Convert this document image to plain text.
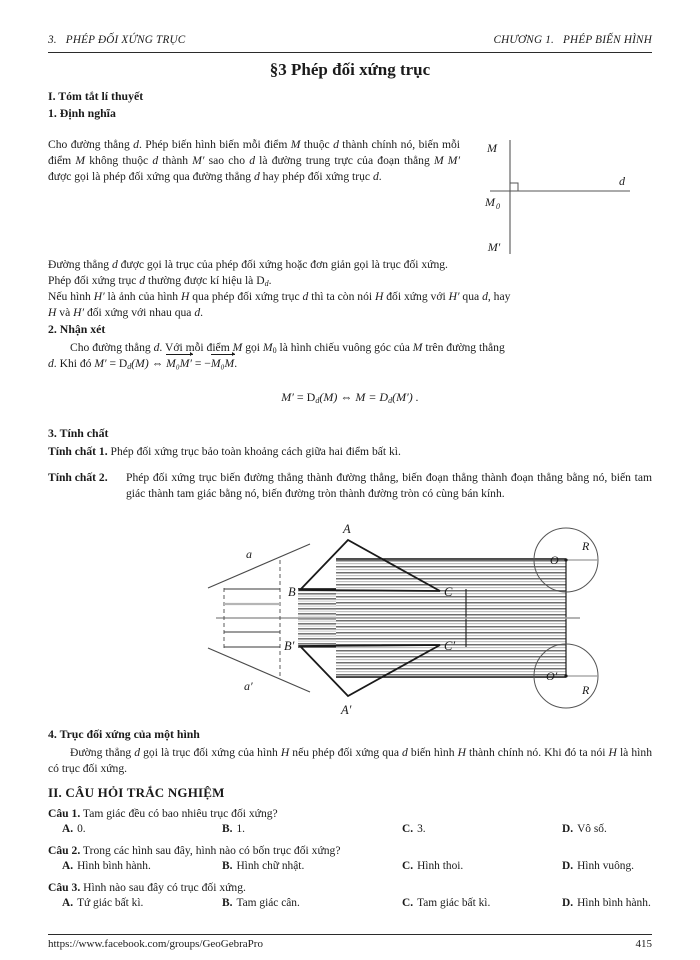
3.   PHÉP ĐỐI XỨNG TRỤC	CHƯƠNG 1.   PHÉP BIẾN HÌNH
§3 Phép đối xứng trục
I. Tóm tắt lí thuyết
1. Định nghĩa
Cho đường thẳng d. Phép biến hình biến mỗi điểm M thuộc d thành chính nó, biến mỗi điểm M không thuộc d thành M′ sao cho d là đường trung trực của đoạn thẳng M M′ được gọi là phép đối xứng qua đường thẳng d hay phép đối xứng trục d.
M
M 0
M′
d
Đường thẳng d được gọi là trục của phép đối xứng hoặc đơn giản gọi là trục đối xứng.
Phép đối xứng trục d thường được kí hiệu là $D_d$.
Nếu hình H′ là ảnh của hình H qua phép đối xứng trục d thì ta còn nói H đối xứng với H′ qua d, hay
H và H′ đối xứng với nhau qua d.
2. Nhận xét
Cho đường thẳng d. Với mỗi điểm M gọi M0 là hình chiếu vuông góc của M trên đường thẳng
d. Khi đó $M' = D_d(M)$ ⇔ M₀M′ = −M₀M.
$M' = D_d(M)$ ⇔ $M = D_d(M')$ .
3. Tính chất
Tính chất 1. Phép đối xứng trục bảo toàn khoảng cách giữa hai điểm bất kì.
Tính chất 2.	Phép đối xứng trục biến đường thẳng thành đường thẳng, biến đoạn thẳng thành đoạn thẳng bằng nó, biến tam giác thành tam giác bằng nó, biến đường tròn thành đường tròn có cùng bán kính.
a
a′
B
B′
C
C′
A
A′
O
O′
R
R
4. Trục đối xứng của một hình
Đường thẳng d gọi là trục đối xứng của hình H nếu phép đối xứng qua d biến hình H thành chính nó. Khi đó ta nói H là hình có trục đối xứng.
II. CÂU HỎI TRẮC NGHIỆM
Câu 1. Tam giác đều có bao nhiêu trục đối xứng?
A. 0.	B. 1.	C. 3.	D. Vô số.
Câu 2. Trong các hình sau đây, hình nào có bốn trục đối xứng?
A. Hình bình hành.	B. Hình chữ nhật.	C. Hình thoi.	D. Hình vuông.
Câu 3. Hình nào sau đây có trục đối xứng.
A. Tứ giác bất kì.	B. Tam giác cân.	C. Tam giác bất kì.	D. Hình bình hành.
https://www.facebook.com/groups/GeoGebraPro	415
